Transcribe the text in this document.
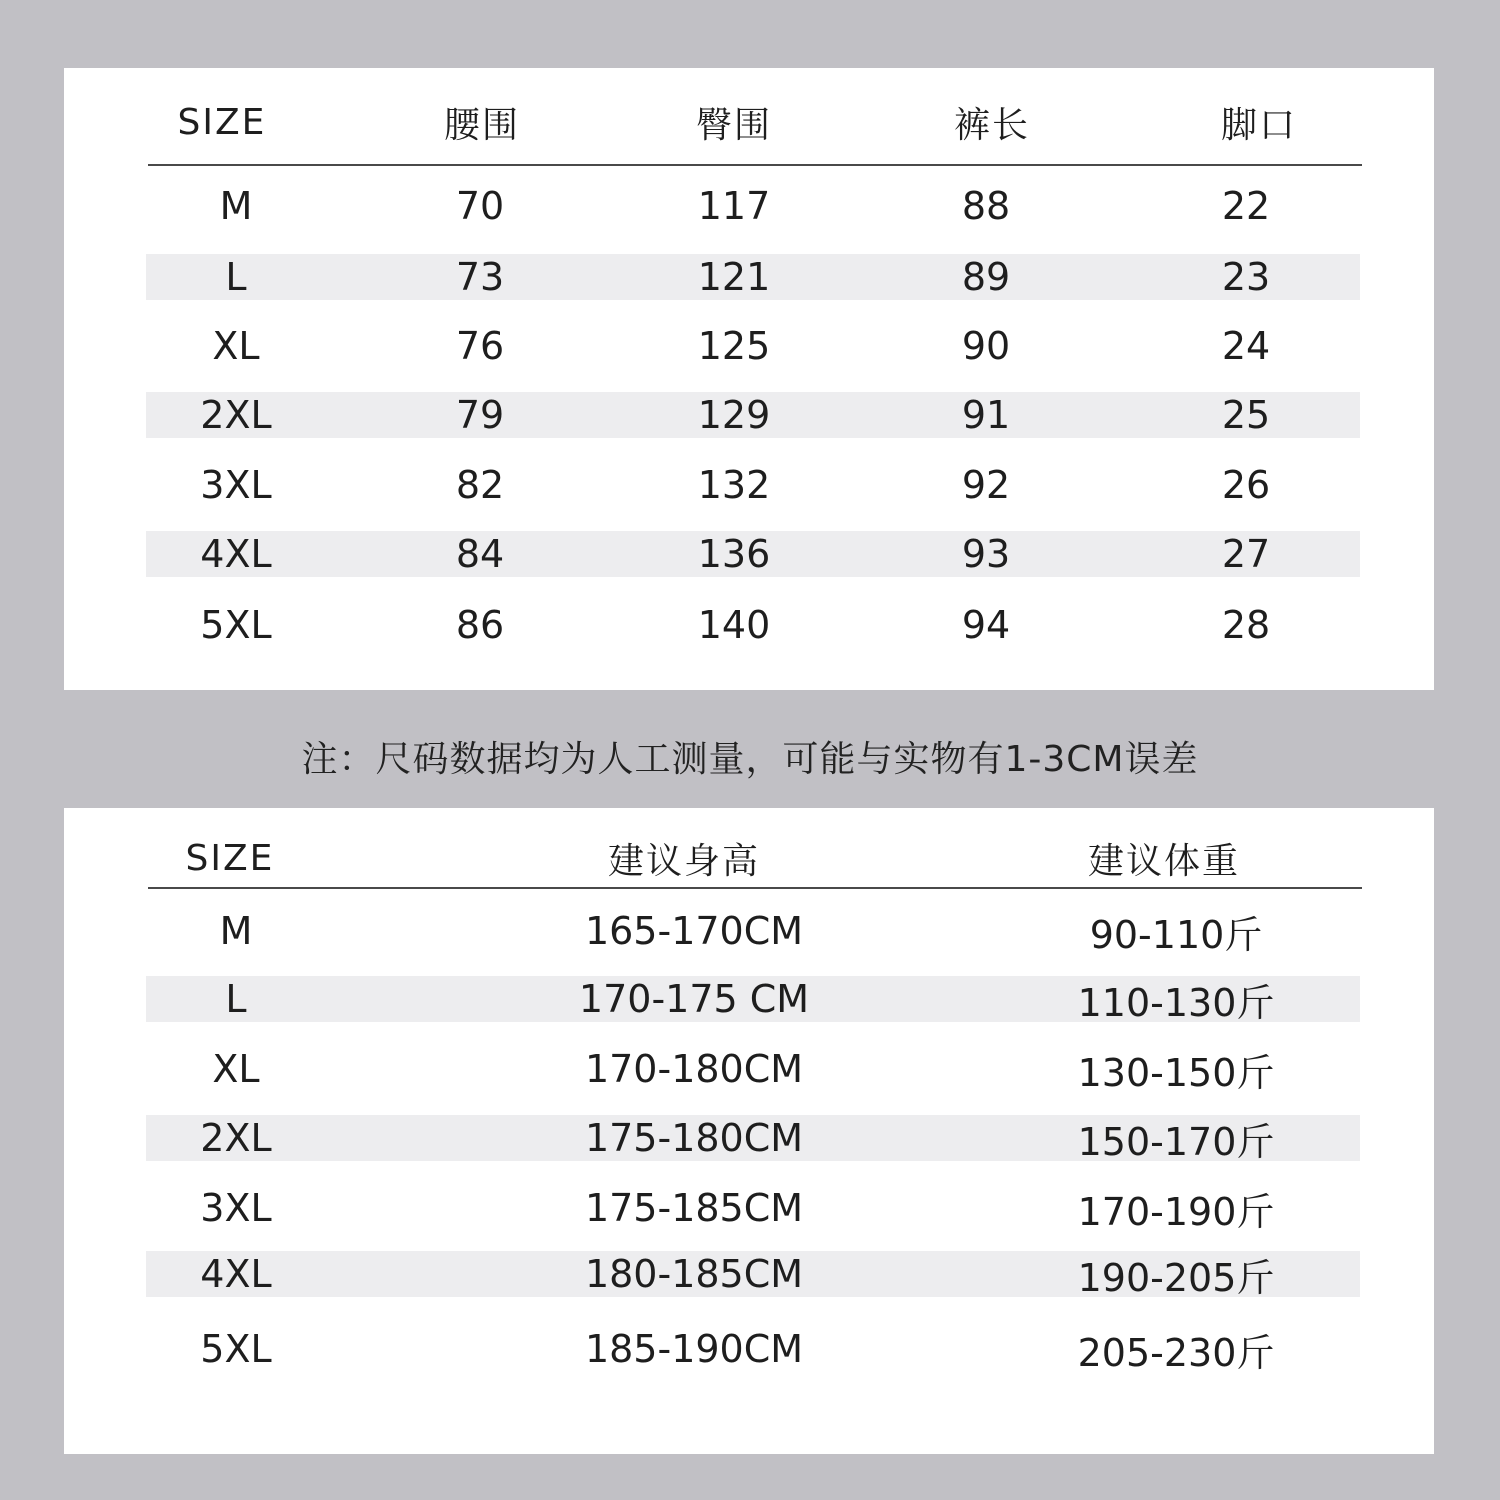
SIZE	腰围	臀围	裤长	脚口
M	70	117	88	22
L	73	121	89	23
XL	76	125	90	24
2XL	79	129	91	25
3XL	82	132	92	26
4XL	84	136	93	27
5XL	86	140	94	28
注：尺码数据均为人工测量，可能与实物有1-3CM误差
SIZE	建议身高	建议体重
M	165-170CM	90-110斤
L	170-175 CM	110-130斤
XL	170-180CM	130-150斤
2XL	175-180CM	150-170斤
3XL	175-185CM	170-190斤
4XL	180-185CM	190-205斤
5XL	185-190CM	205-230斤
